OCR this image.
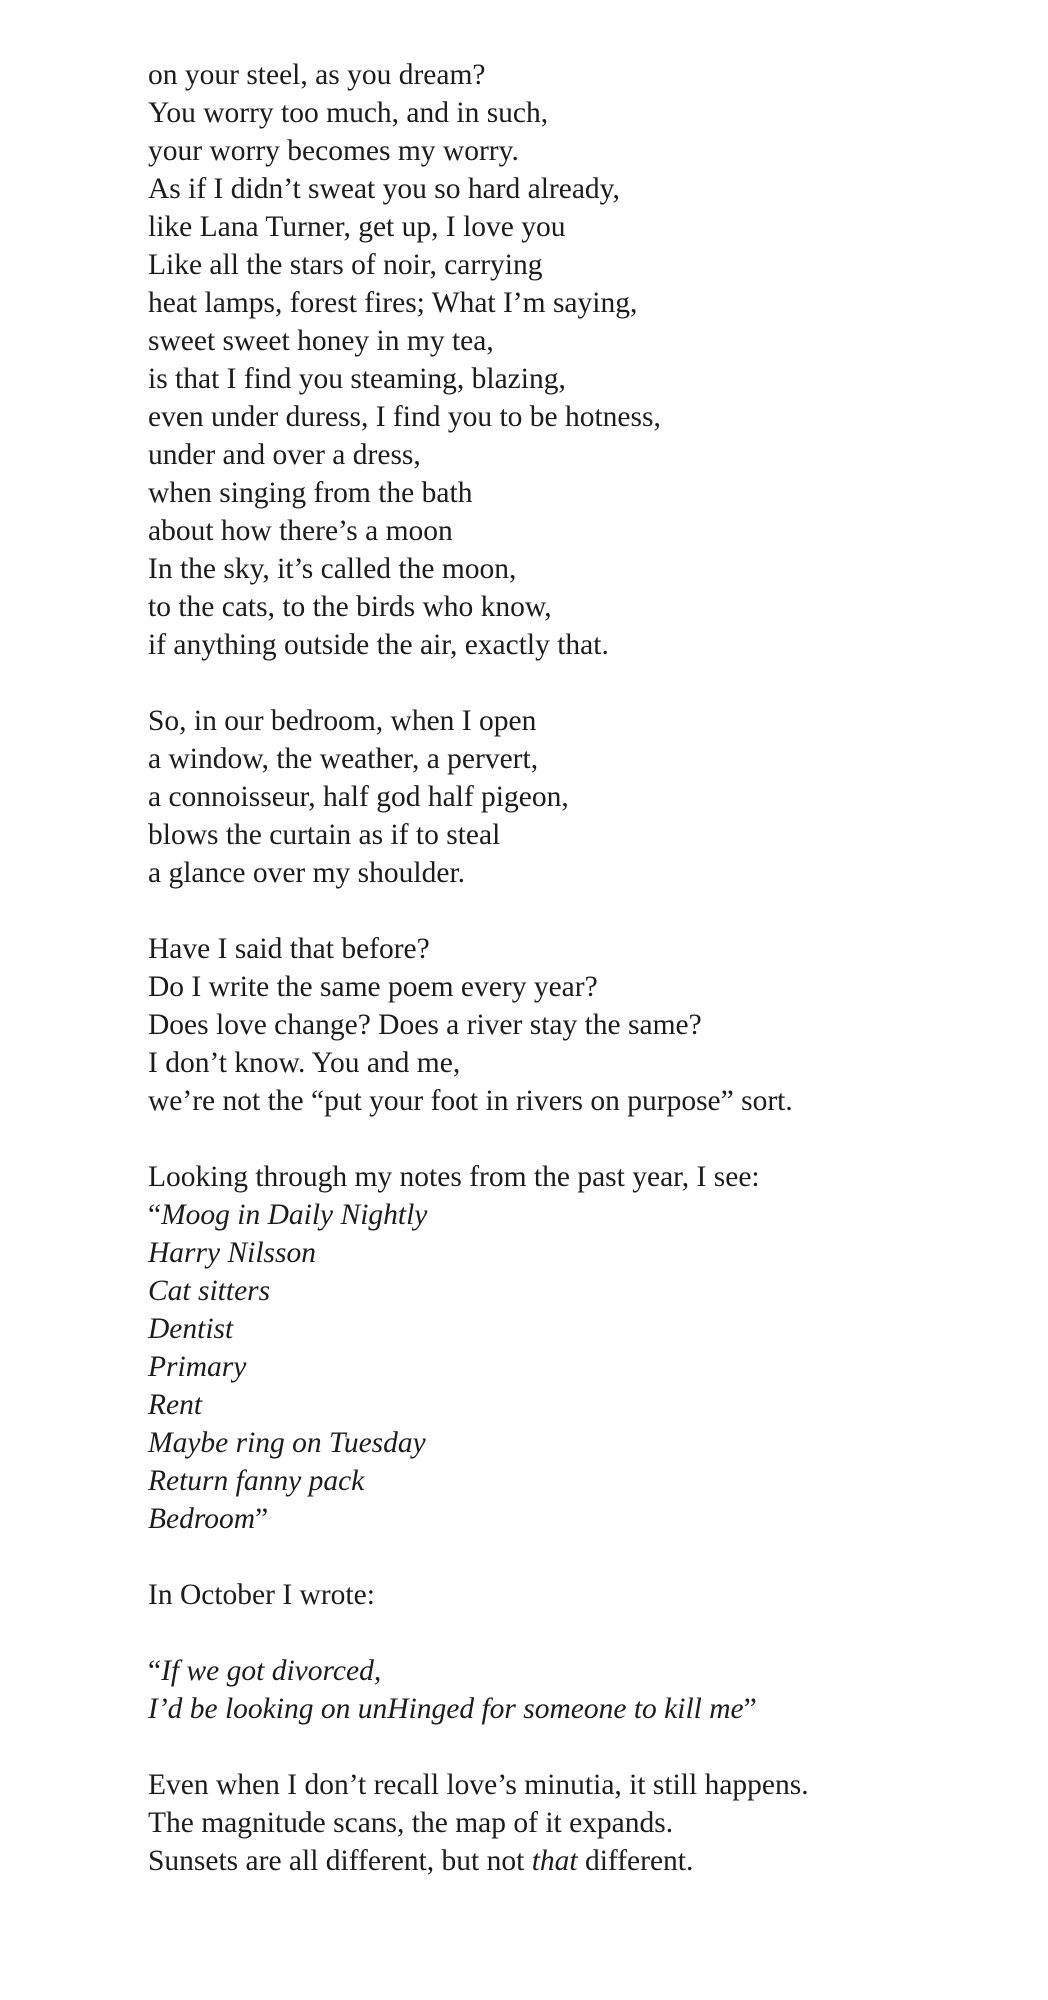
on your steel, as you dream?
You worry too much, and in such,
your worry becomes my worry.
As if I didn’t sweat you so hard already,
like Lana Turner, get up, I love you
Like all the stars of noir, carrying
heat lamps, forest fires; What I’m saying,
sweet sweet honey in my tea,
is that I find you steaming, blazing,
even under duress, I find you to be hotness,
under and over a dress,
when singing from the bath
about how there’s a moon
In the sky, it’s called the moon,
to the cats, to the birds who know,
if anything outside the air, exactly that.
So, in our bedroom, when I open
a window, the weather, a pervert,
a connoisseur, half god half pigeon,
blows the curtain as if to steal
a glance over my shoulder.
Have I said that before?
Do I write the same poem every year?
Does love change? Does a river stay the same?
I don’t know. You and me,
we’re not the “put your foot in rivers on purpose” sort.
Looking through my notes from the past year, I see:
“Moog in Daily Nightly
Harry Nilsson
Cat sitters
Dentist
Primary
Rent
Maybe ring on Tuesday
Return fanny pack
Bedroom”
In October I wrote:
“If we got divorced,
I’d be looking on unHinged for someone to kill me”
Even when I don’t recall love’s minutia, it still happens.
The magnitude scans, the map of it expands.
Sunsets are all different, but not that different.
